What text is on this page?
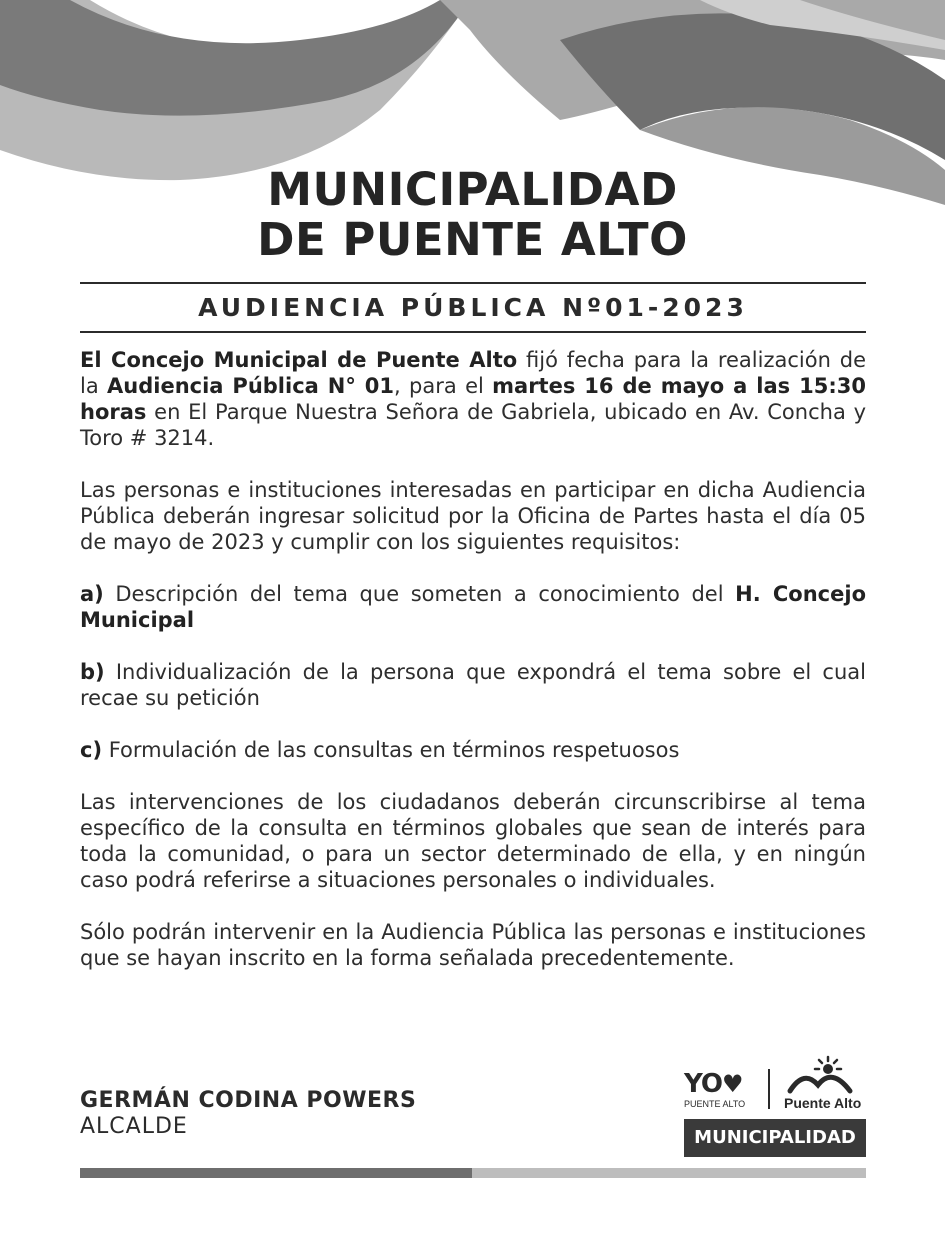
MUNICIPALIDAD
DE PUENTE ALTO
AUDIENCIA PÚBLICA Nº01-2023

El Concejo Municipal de Puente Alto fijó fecha para la realización de la Audiencia Pública N° 01, para el martes 16 de mayo a las 15:30 horas en El Parque Nuestra Señora de Gabriela, ubicado en Av. Concha y Toro # 3214.

Las personas e instituciones interesadas en participar en dicha Audiencia Pública deberán ingresar solicitud por la Oficina de Partes hasta el día 05 de mayo de 2023 y cumplir con los siguientes requisitos:

a) Descripción del tema que someten a conocimiento del H. Concejo Municipal

b) Individualización de la persona que expondrá el tema sobre el cual recae su petición

c) Formulación de las consultas en términos respetuosos

Las intervenciones de los ciudadanos deberán circunscribirse al tema específico de la consulta en términos globales que sean de interés para toda la comunidad, o para un sector determinado de ella, y en ningún caso podrá referirse a situaciones personales o individuales.

Sólo podrán intervenir en la Audiencia Pública las personas e instituciones que se hayan inscrito en la forma señalada precedentemente.

GERMÁN CODINA POWERS
ALCALDE
YO♥
PUENTE ALTO	Puente Alto
MUNICIPALIDAD
